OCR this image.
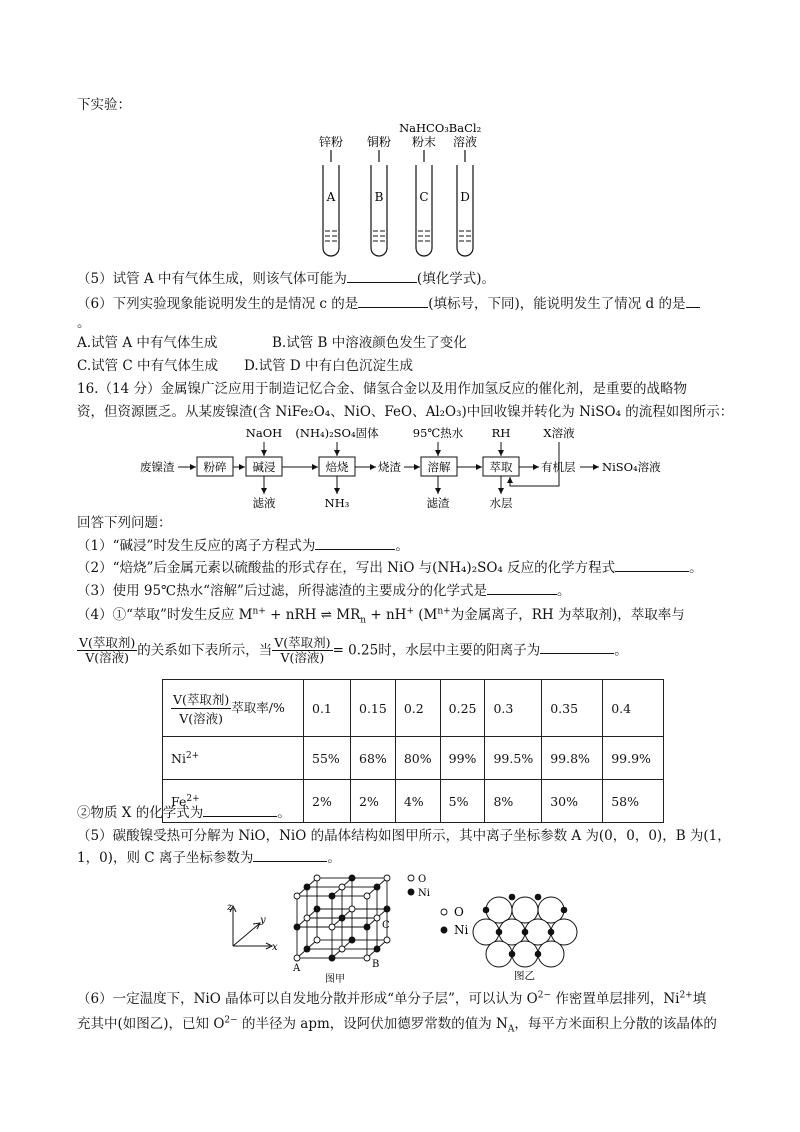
下实验：
锌粉 铜粉
NaHCO₃
粉末
BaCl₂
溶液
A	B	C	D
（5）试管 A 中有气体生成，则该气体可能为	(填化学式)。
（6）下列实验现象能说明发生的是情况 c 的是	(填标号，下同)，能说明发生了情况 d 的是
。
A.试管 A 中有气体生成	B.试管 B 中溶液颜色发生了变化
C.试管 C 中有气体生成 D.试管 D 中有白色沉淀生成
16.（14 分）金属镍广泛应用于制造记忆合金、储氢合金以及用作加氢反应的催化剂，是重要的战略物
资，但资源匮乏。从某废镍渣(含 NiFe₂O₄、NiO、FeO、Al₂O₃)中回收镍并转化为 NiSO₄ 的流程如图所示：
废镍渣
NaOH (NH₄)₂SO₄固体	95℃热水 RH	X溶液
烧渣	有机层 NiSO₄溶液
滤液	NH₃	滤渣	水层
粉碎 碱浸	焙烧	溶解	萃取
回答下列问题：
（1）“碱浸”时发生反应的离子方程式为	。
（2）“焙烧”后金属元素以硫酸盐的形式存在，写出 NiO 与(NH₄)₂SO₄ 反应的化学方程式	。
（3）使用 95℃热水“溶解”后过滤，所得滤渣的主要成分的化学式是	。
（4）①“萃取”时发生反应 $M^{n+}$ + nRH ⇌ $MR_n + nH^+$ ($M^{n+}$为金属离子，RH 为萃取剂)，萃取率与
$\frac{\text{V(萃取剂)}}{\text{V(溶液)}}$ 的关系如下表所示，当 $\frac{\text{V(萃取剂)}}{\text{V(溶液)}} = 0.25$时，水层中主要的阳离子为	。
$\frac{\text{V(萃取剂)}}{\text{V(溶液)}}$ 萃取率/%	0.1	0.15	0.2	0.25	0.3	0.35	0.4
$Ni^{2+}$	55%	68%	80%	99%	99.5%	99.8%	99.9%
$Fe^{2+}$	2%	2%	4%	5%	8%	30%	58%
②物质 X 的化学式为	。
（5）碳酸镍受热可分解为 NiO，NiO 的晶体结构如图甲所示，其中离子坐标参数 A 为(0，0，0)，B 为(1，
1，0)，则 C 离子坐标参数为	。
z
x
y
A	B
C
O
Ni
图甲
O
Ni
图乙
（6）一定温度下，NiO 晶体可以自发地分散并形成“单分子层”，可以认为 $O^{2-}$ 作密置单层排列，$Ni^{2+}$填
充其中(如图乙)，已知 $O^{2-}$ 的半径为 apm，设阿伏加德罗常数的值为 $N_A$，每平方米面积上分散的该晶体的
